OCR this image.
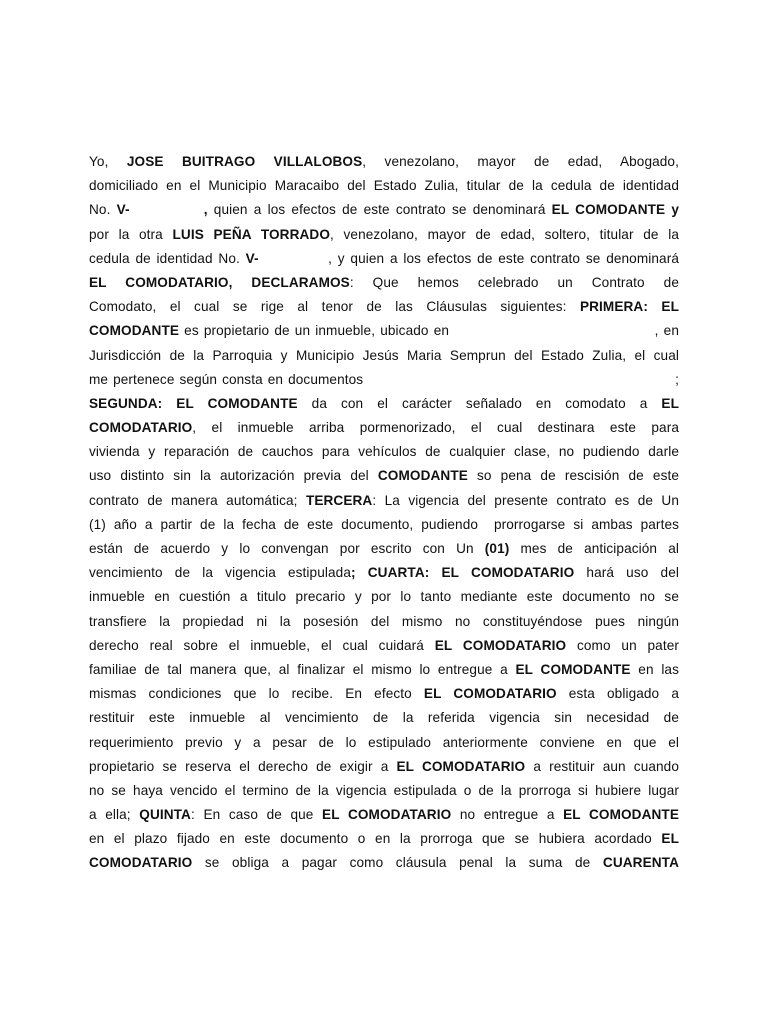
Yo, JOSE BUITRAGO VILLALOBOS, venezolano, mayor de edad, Abogado,
domiciliado en el Municipio Maracaibo del Estado Zulia, titular de la cedula de identidad
No. V-	, quien a los efectos de este contrato se denominará EL COMODANTE y
por la otra LUIS PEÑA TORRADO, venezolano, mayor de edad, soltero, titular de la
cedula de identidad No. V-            , y quien a los efectos de este contrato se denominará
EL COMODATARIO, DECLARAMOS: Que hemos celebrado un Contrato de
Comodato, el cual se rige al tenor de las Cláusulas siguientes: PRIMERA: EL
COMODANTE es propietario de un inmueble, ubicado en                                        , en
Jurisdicción de la Parroquia y Municipio Jesús Maria Semprun del Estado Zulia, el cual
me pertenece según consta en documentos                                                              ;
SEGUNDA: EL COMODANTE da con el carácter señalado en comodato a EL
COMODATARIO, el inmueble arriba pormenorizado, el cual destinara este para
vivienda y reparación de cauchos para vehículos de cualquier clase, no pudiendo darle
uso distinto sin la autorización previa del COMODANTE so pena de rescisión de este
contrato de manera automática; TERCERA: La vigencia del presente contrato es de Un
(1) año a partir de la fecha de este documento, pudiendo  prorrogarse si ambas partes
están de acuerdo y lo convengan por escrito con Un (01) mes de anticipación al
vencimiento de la vigencia estipulada; CUARTA: EL COMODATARIO hará uso del
inmueble en cuestión a titulo precario y por lo tanto mediante este documento no se
transfiere la propiedad ni la posesión del mismo no constituyéndose pues ningún
derecho real sobre el inmueble, el cual cuidará EL COMODATARIO como un pater
familiae de tal manera que, al finalizar el mismo lo entregue a EL COMODANTE en las
mismas condiciones que lo recibe. En efecto EL COMODATARIO esta obligado a
restituir este inmueble al vencimiento de la referida vigencia sin necesidad de
requerimiento previo y a pesar de lo estipulado anteriormente conviene en que el
propietario se reserva el derecho de exigir a EL COMODATARIO a restituir aun cuando
no se haya vencido el termino de la vigencia estipulada o de la prorroga si hubiere lugar
a ella; QUINTA: En caso de que EL COMODATARIO no entregue a EL COMODANTE
en el plazo fijado en este documento o en la prorroga que se hubiera acordado EL
COMODATARIO se obliga a pagar como cláusula penal la suma de CUARENTA
